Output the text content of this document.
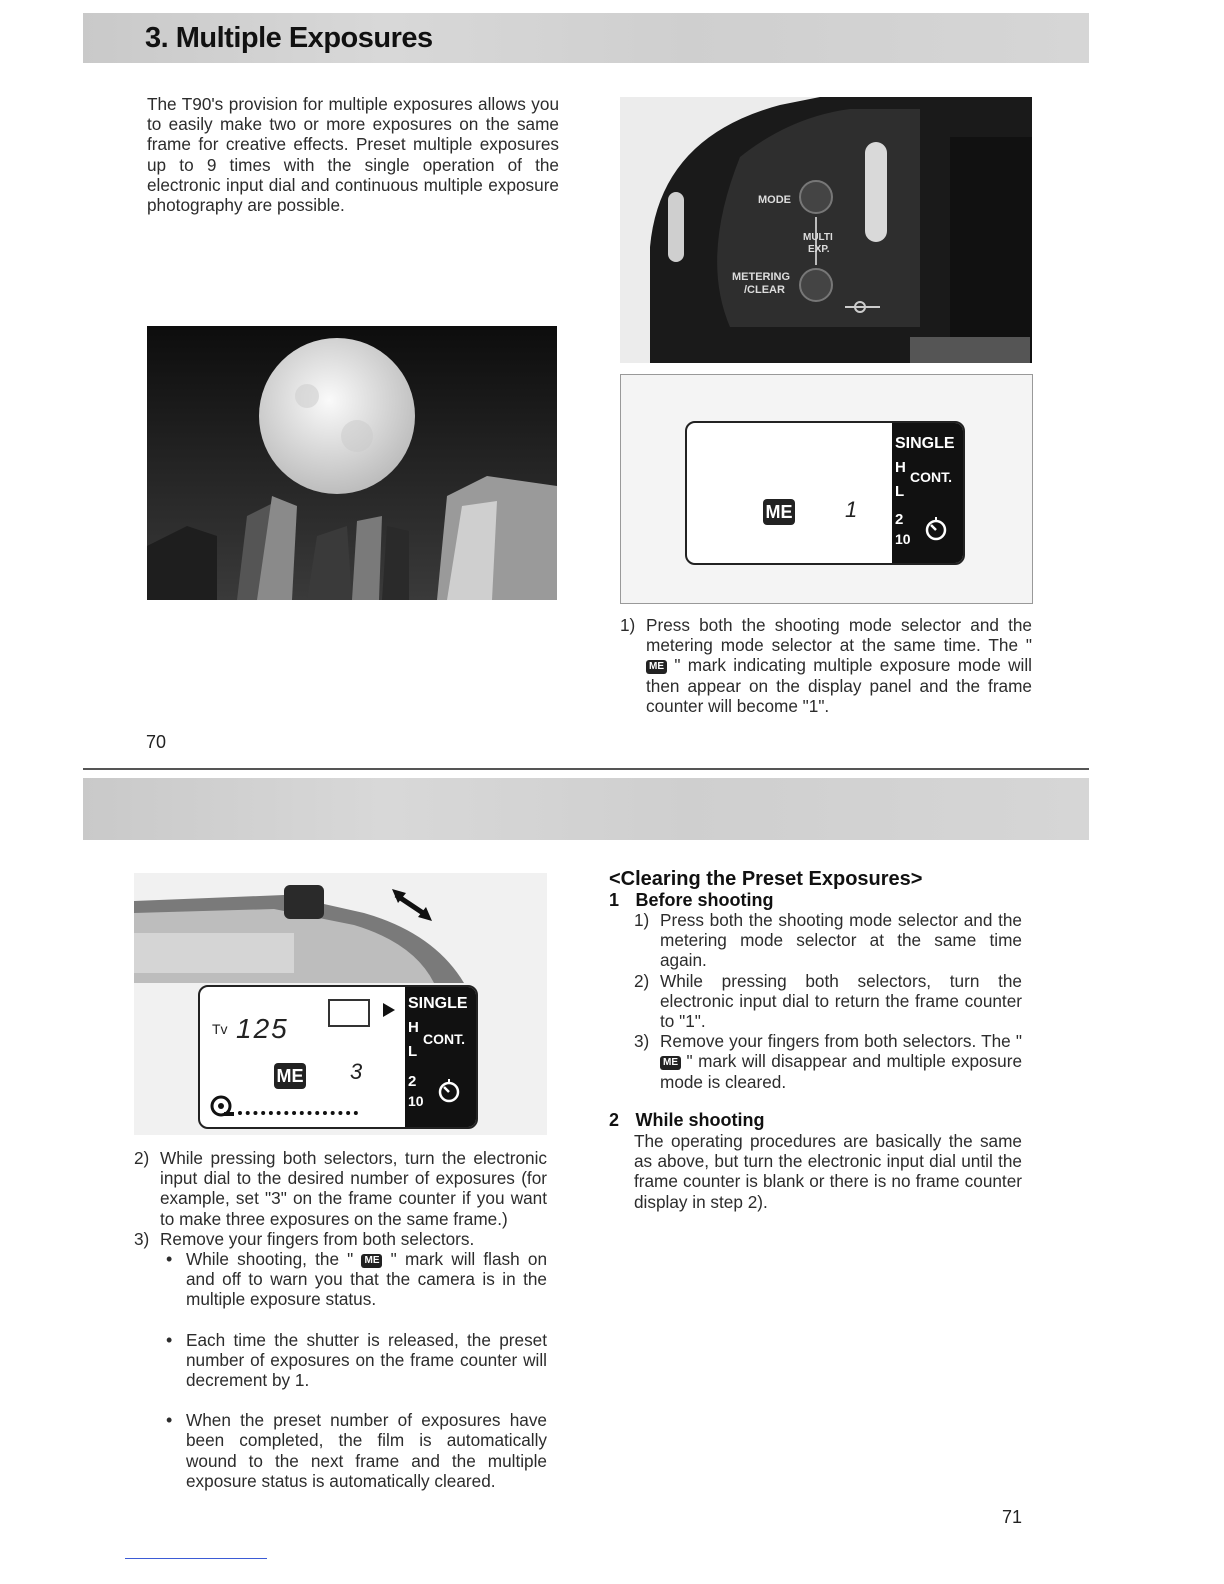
3. Multiple Exposures

The T90's provision for multiple exposures allows you to easily make two or more exposures on the same frame for creative effects. Preset multiple exposures up to 9 times with the single operation of the electronic input dial and continuous multiple exposure photography are possible.	MODE
MULTI
EXP.
METERING
/CLEAR
ME 1
SINGLE
H
CONT.
L
2
10
1) Press both the shooting mode selector and the metering mode selector at the same time. The " ME " mark indicating multiple exposure mode will then appear on the display panel and the frame counter will become "1".
70
Tv 125
ME 3
SINGLE
H
CONT.
L
2
10
2) While pressing both selectors, turn the electronic input dial to the desired number of exposures (for example, set "3" on the frame counter if you want to make three exposures on the same frame.)
3) Remove your fingers from both selectors.
• While shooting, the " ME " mark will flash on and off to warn you that the camera is in the multiple exposure status.
• Each time the shutter is released, the preset number of exposures on the frame counter will decrement by 1.
• When the preset number of exposures have been completed, the film is automatically wound to the next frame and the multiple exposure status is automatically cleared.
<Clearing the Preset Exposures>
1 Before shooting
1) Press both the shooting mode selector and the metering mode selector at the same time again.
2) While pressing both selectors, turn the electronic input dial to return the frame counter to "1".
3) Remove your fingers from both selectors. The " ME " mark will disappear and multiple exposure mode is cleared.
2 While shooting

The operating procedures are basically the same as above, but turn the electronic input dial until the frame counter is blank or there is no frame counter display in step 2).

71
